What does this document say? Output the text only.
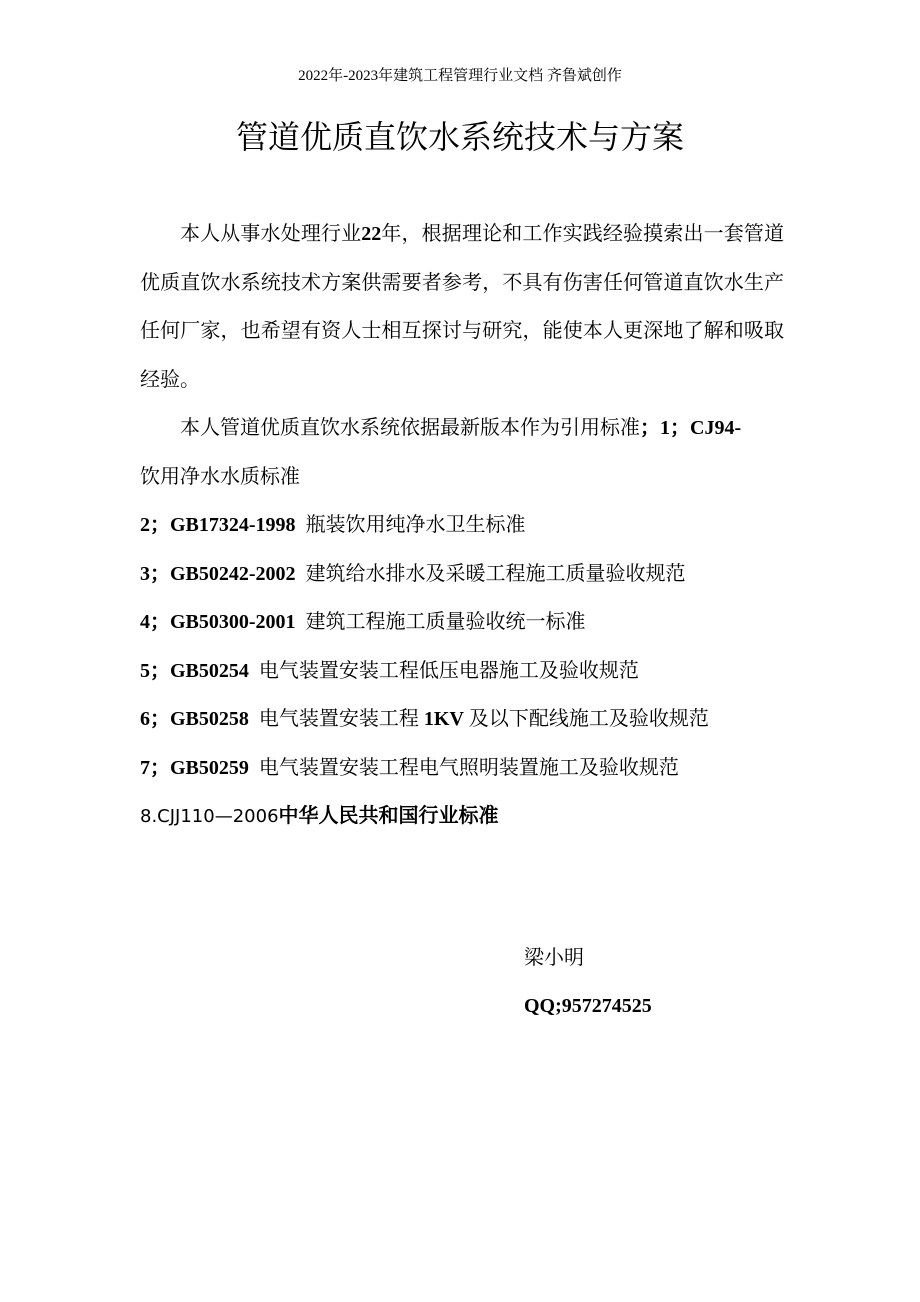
2022年-2023年建筑工程管理行业文档 齐鲁斌创作
管道优质直饮水系统技术与方案

本人从事水处理行业22年，根据理论和工作实践经验摸索出一套管道优质直饮水系统技术方案供需要者参考，不具有伤害任何管道直饮水生产任何厂家，也希望有资人士相互探讨与研究，能使本人更深地了解和吸取经验。

本人管道优质直饮水系统依据最新版本作为引用标准；1；CJ94-

饮用净水水质标准

2；GB17324-1998 瓶装饮用纯净水卫生标准

3；GB50242-2002 建筑给水排水及采暖工程施工质量验收规范

4；GB50300-2001 建筑工程施工质量验收统一标准

5；GB50254 电气装置安装工程低压电器施工及验收规范

6；GB50258 电气装置安装工程 1KV 及以下配线施工及验收规范

7；GB50259 电气装置安装工程电气照明装置施工及验收规范

8.CJJ110—2006中华人民共和国行业标准

梁小明
QQ;957274525
